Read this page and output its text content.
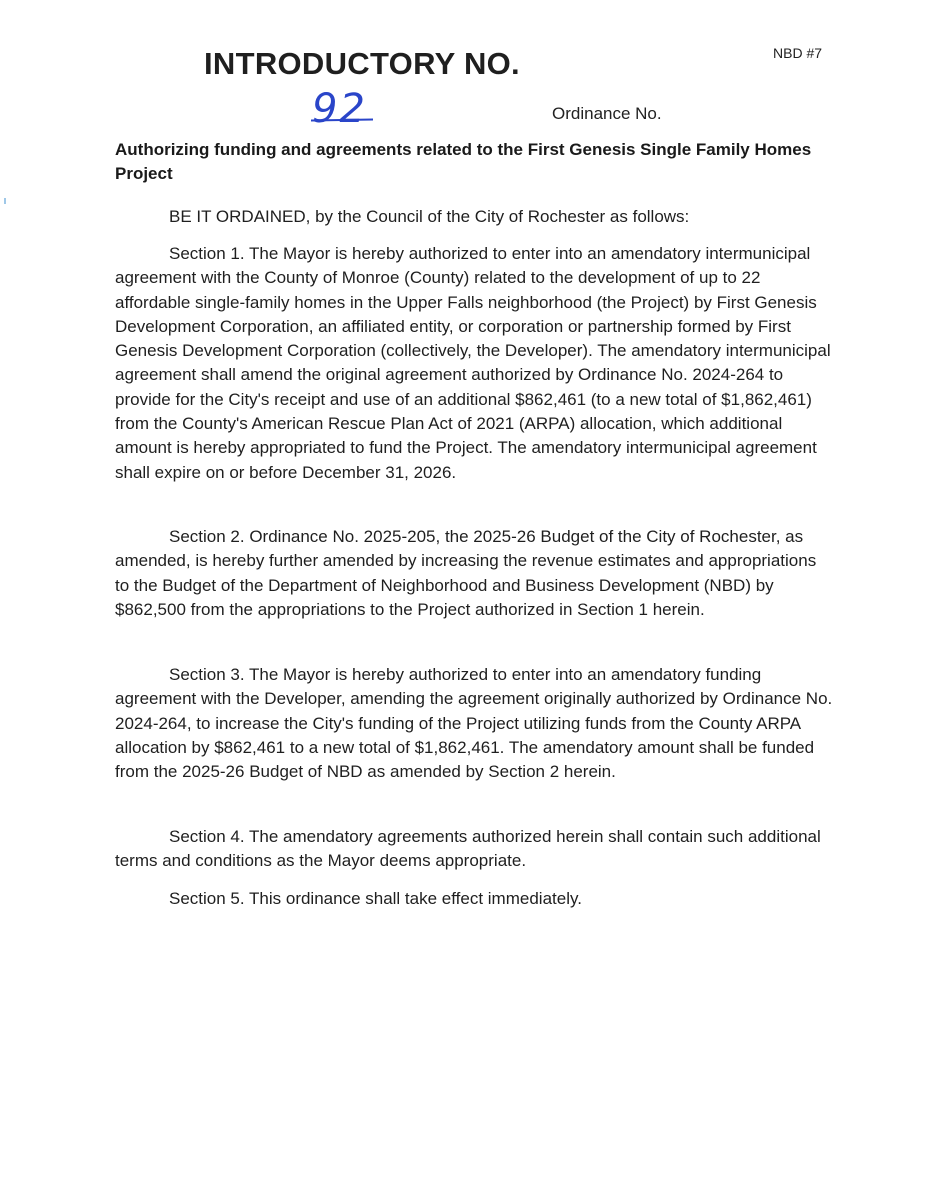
NBD #7
INTRODUCTORY NO.
92	Ordinance No.
Authorizing funding and agreements related to the First Genesis Single Family Homes Project

BE IT ORDAINED, by the Council of the City of Rochester as follows:

Section 1. The Mayor is hereby authorized to enter into an amendatory intermunicipal agreement with the County of Monroe (County) related to the development of up to 22 affordable single-family homes in the Upper Falls neighborhood (the Project) by First Genesis Development Corporation, an affiliated entity, or corporation or partnership formed by First Genesis Development Corporation (collectively, the Developer). The amendatory intermunicipal agreement shall amend the original agreement authorized by Ordinance No. 2024-264 to provide for the City's receipt and use of an additional $862,461 (to a new total of $1,862,461) from the County's American Rescue Plan Act of 2021 (ARPA) allocation, which additional amount is hereby appropriated to fund the Project. The amendatory intermunicipal agreement shall expire on or before December 31, 2026.

Section 2. Ordinance No. 2025-205, the 2025-26 Budget of the City of Rochester, as amended, is hereby further amended by increasing the revenue estimates and appropriations to the Budget of the Department of Neighborhood and Business Development (NBD) by $862,500 from the appropriations to the Project authorized in Section 1 herein.

Section 3. The Mayor is hereby authorized to enter into an amendatory funding agreement with the Developer, amending the agreement originally authorized by Ordinance No. 2024-264, to increase the City's funding of the Project utilizing funds from the County ARPA allocation by $862,461 to a new total of $1,862,461. The amendatory amount shall be funded from the 2025-26 Budget of NBD as amended by Section 2 herein.

Section 4. The amendatory agreements authorized herein shall contain such additional terms and conditions as the Mayor deems appropriate.

Section 5. This ordinance shall take effect immediately.
